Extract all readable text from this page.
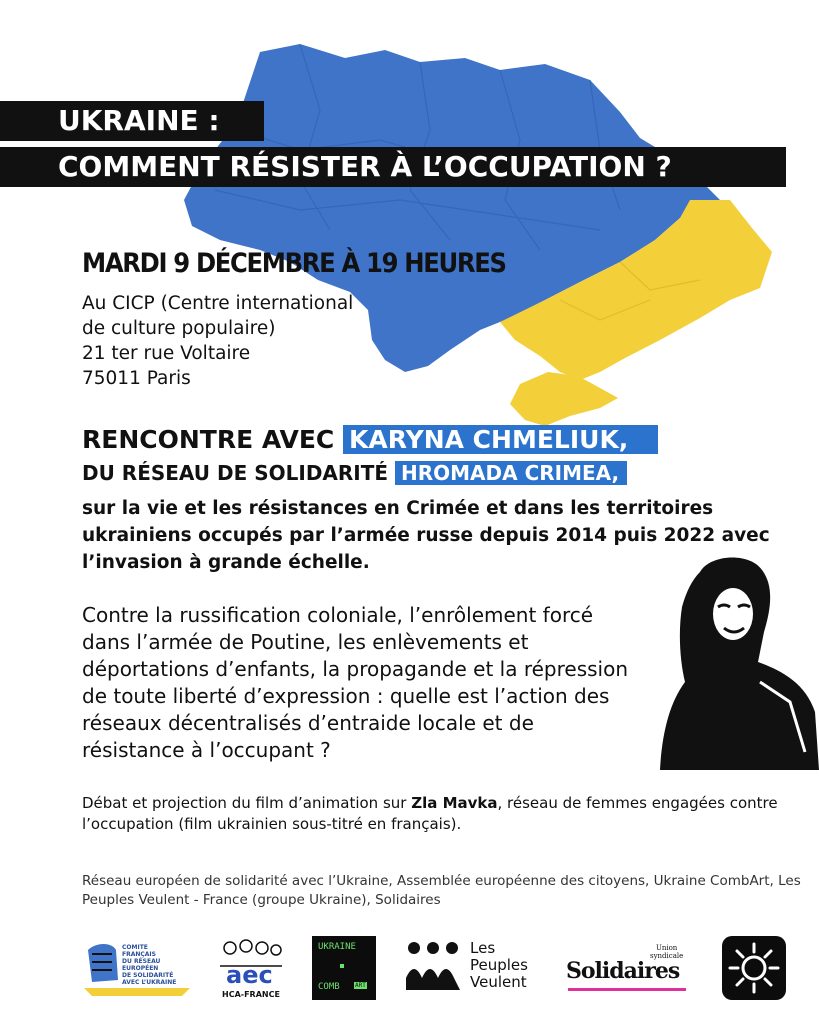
UKRAINE :
COMMENT RÉSISTER À L’OCCUPATION ?
MARDI 9 DÉCEMBRE À 19 HEURES
Au CICP (Centre international
de culture populaire)
21 ter rue Voltaire
75011 Paris
RENCONTRE AVEC KARYNA CHMELIUK,
DU RÉSEAU DE SOLIDARITÉ HROMADA CRIMEA,
sur la vie et les résistances en Crimée et dans les territoires ukrainiens occupés par l’armée russe depuis 2014 puis 2022 avec l’invasion à grande échelle.
Contre la russification coloniale, l’enrôlement forcé dans l’armée de Poutine, les enlèvements et déportations d’enfants, la propagande et la répression de toute liberté d’expression : quelle est l’action des réseaux décentralisés d’entraide locale et de résistance à l’occupant ?
Débat et projection du film d’animation sur Zla Mavka, réseau de femmes engagées contre l’occupation (film ukrainien sous-titré en français).
Réseau européen de solidarité avec l’Ukraine, Assemblée européenne des citoyens, Ukraine CombArt, Les Peuples Veulent - France (groupe Ukraine), Solidaires
COMITE
FRANÇAIS
DU RÉSEAU
EUROPÉEN
DE SOLIDARITÉ
AVEC L’UKRAINE aec
HCA-FRANCE
UKRAINE
COMB	ART
Les
Peuples
Veulent
Union
syndicale
Solidaires
